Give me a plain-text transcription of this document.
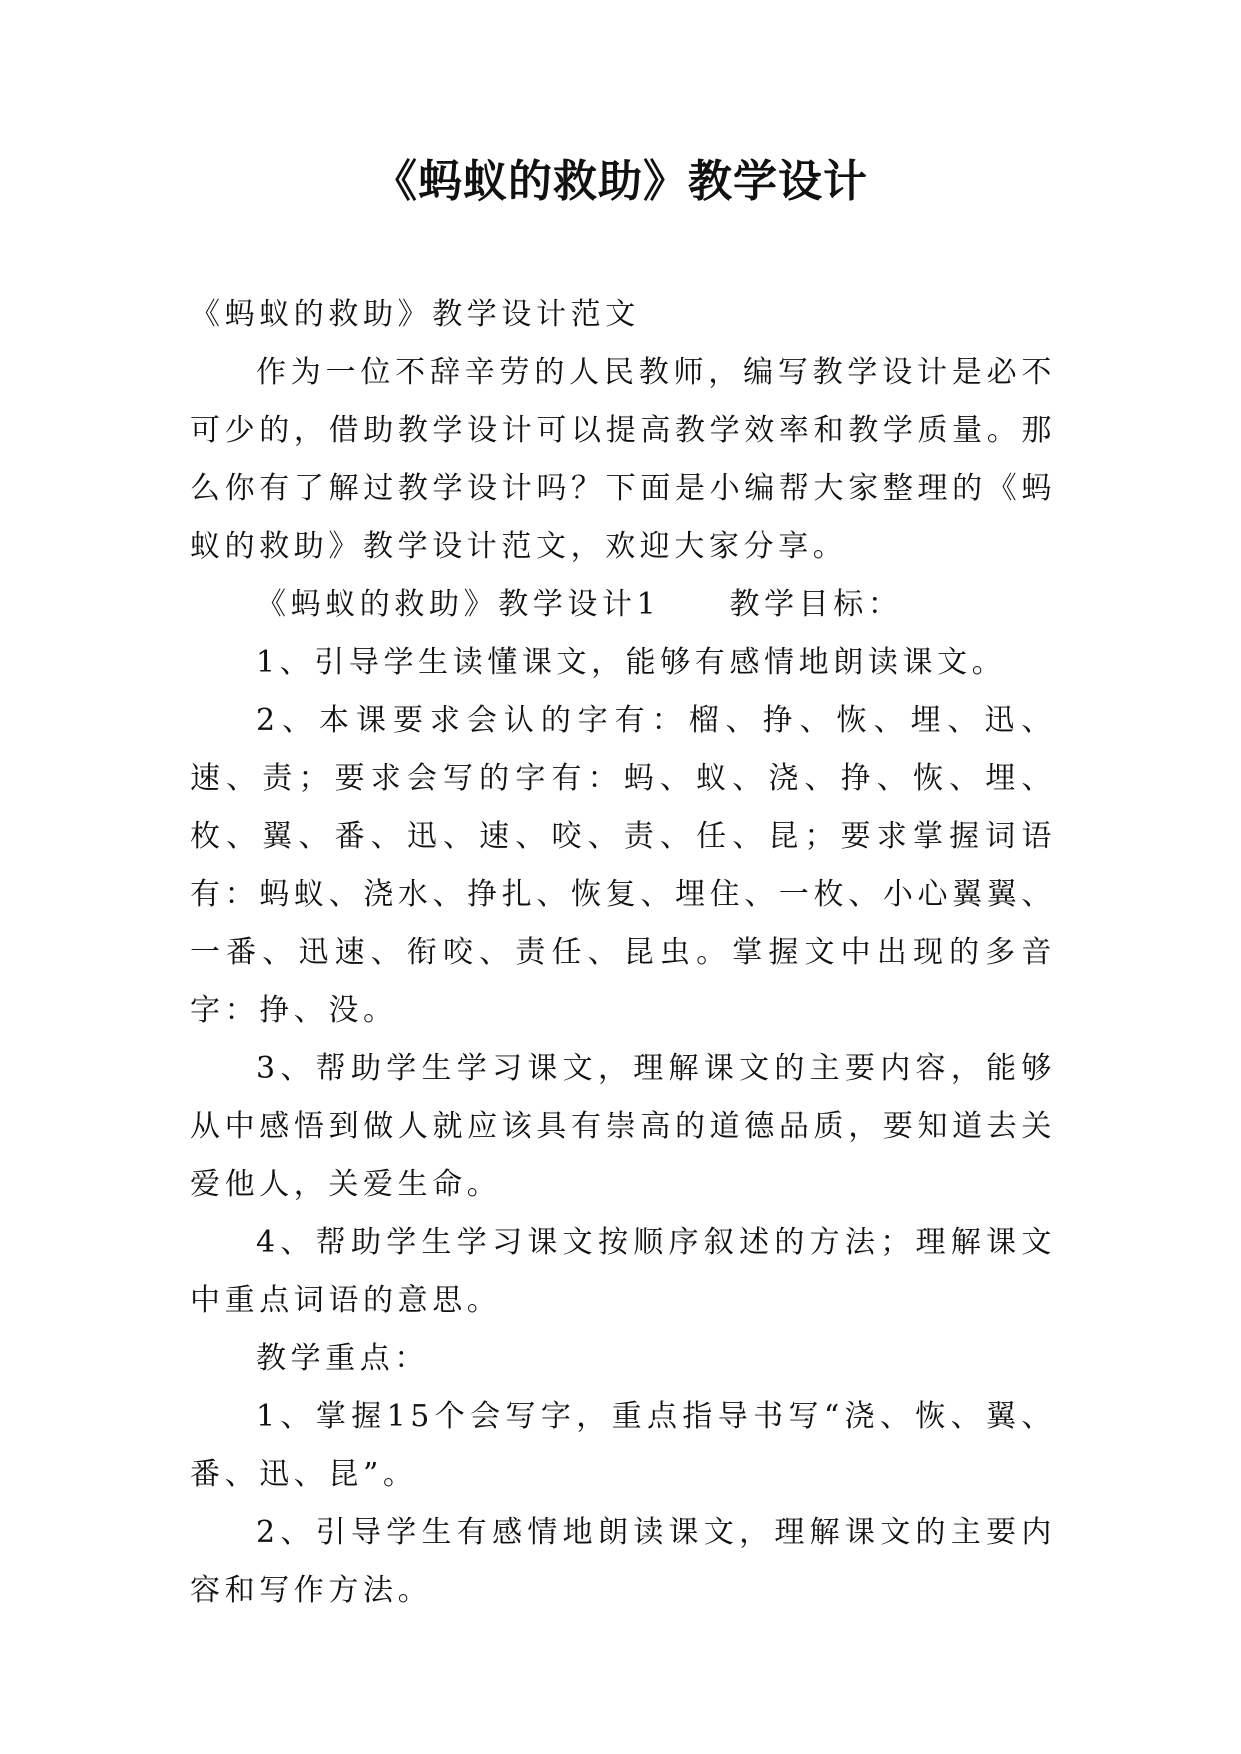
《蚂蚁的救助》教学设计

《蚂蚁的救助》教学设计范文

作为一位不辞辛劳的人民教师，编写教学设计是必不可少的，借助教学设计可以提高教学效率和教学质量。那么你有了解过教学设计吗？下面是小编帮大家整理的《蚂蚁的救助》教学设计范文，欢迎大家分享。

《蚂蚁的救助》教学设计1　　教学目标：

1、引导学生读懂课文，能够有感情地朗读课文。

2、本课要求会认的字有：榴、挣、恢、埋、迅、速、责；要求会写的字有：蚂、蚁、浇、挣、恢、埋、枚、翼、番、迅、速、咬、责、任、昆；要求掌握词语有：蚂蚁、浇水、挣扎、恢复、埋住、一枚、小心翼翼、一番、迅速、衔咬、责任、昆虫。掌握文中出现的多音字：挣、没。

3、帮助学生学习课文，理解课文的主要内容，能够从中感悟到做人就应该具有崇高的道德品质，要知道去关爱他人，关爱生命。

4、帮助学生学习课文按顺序叙述的方法；理解课文中重点词语的意思。

教学重点：

1、掌握15个会写字，重点指导书写“浇、恢、翼、番、迅、昆”。

2、引导学生有感情地朗读课文，理解课文的主要内容和写作方法。
